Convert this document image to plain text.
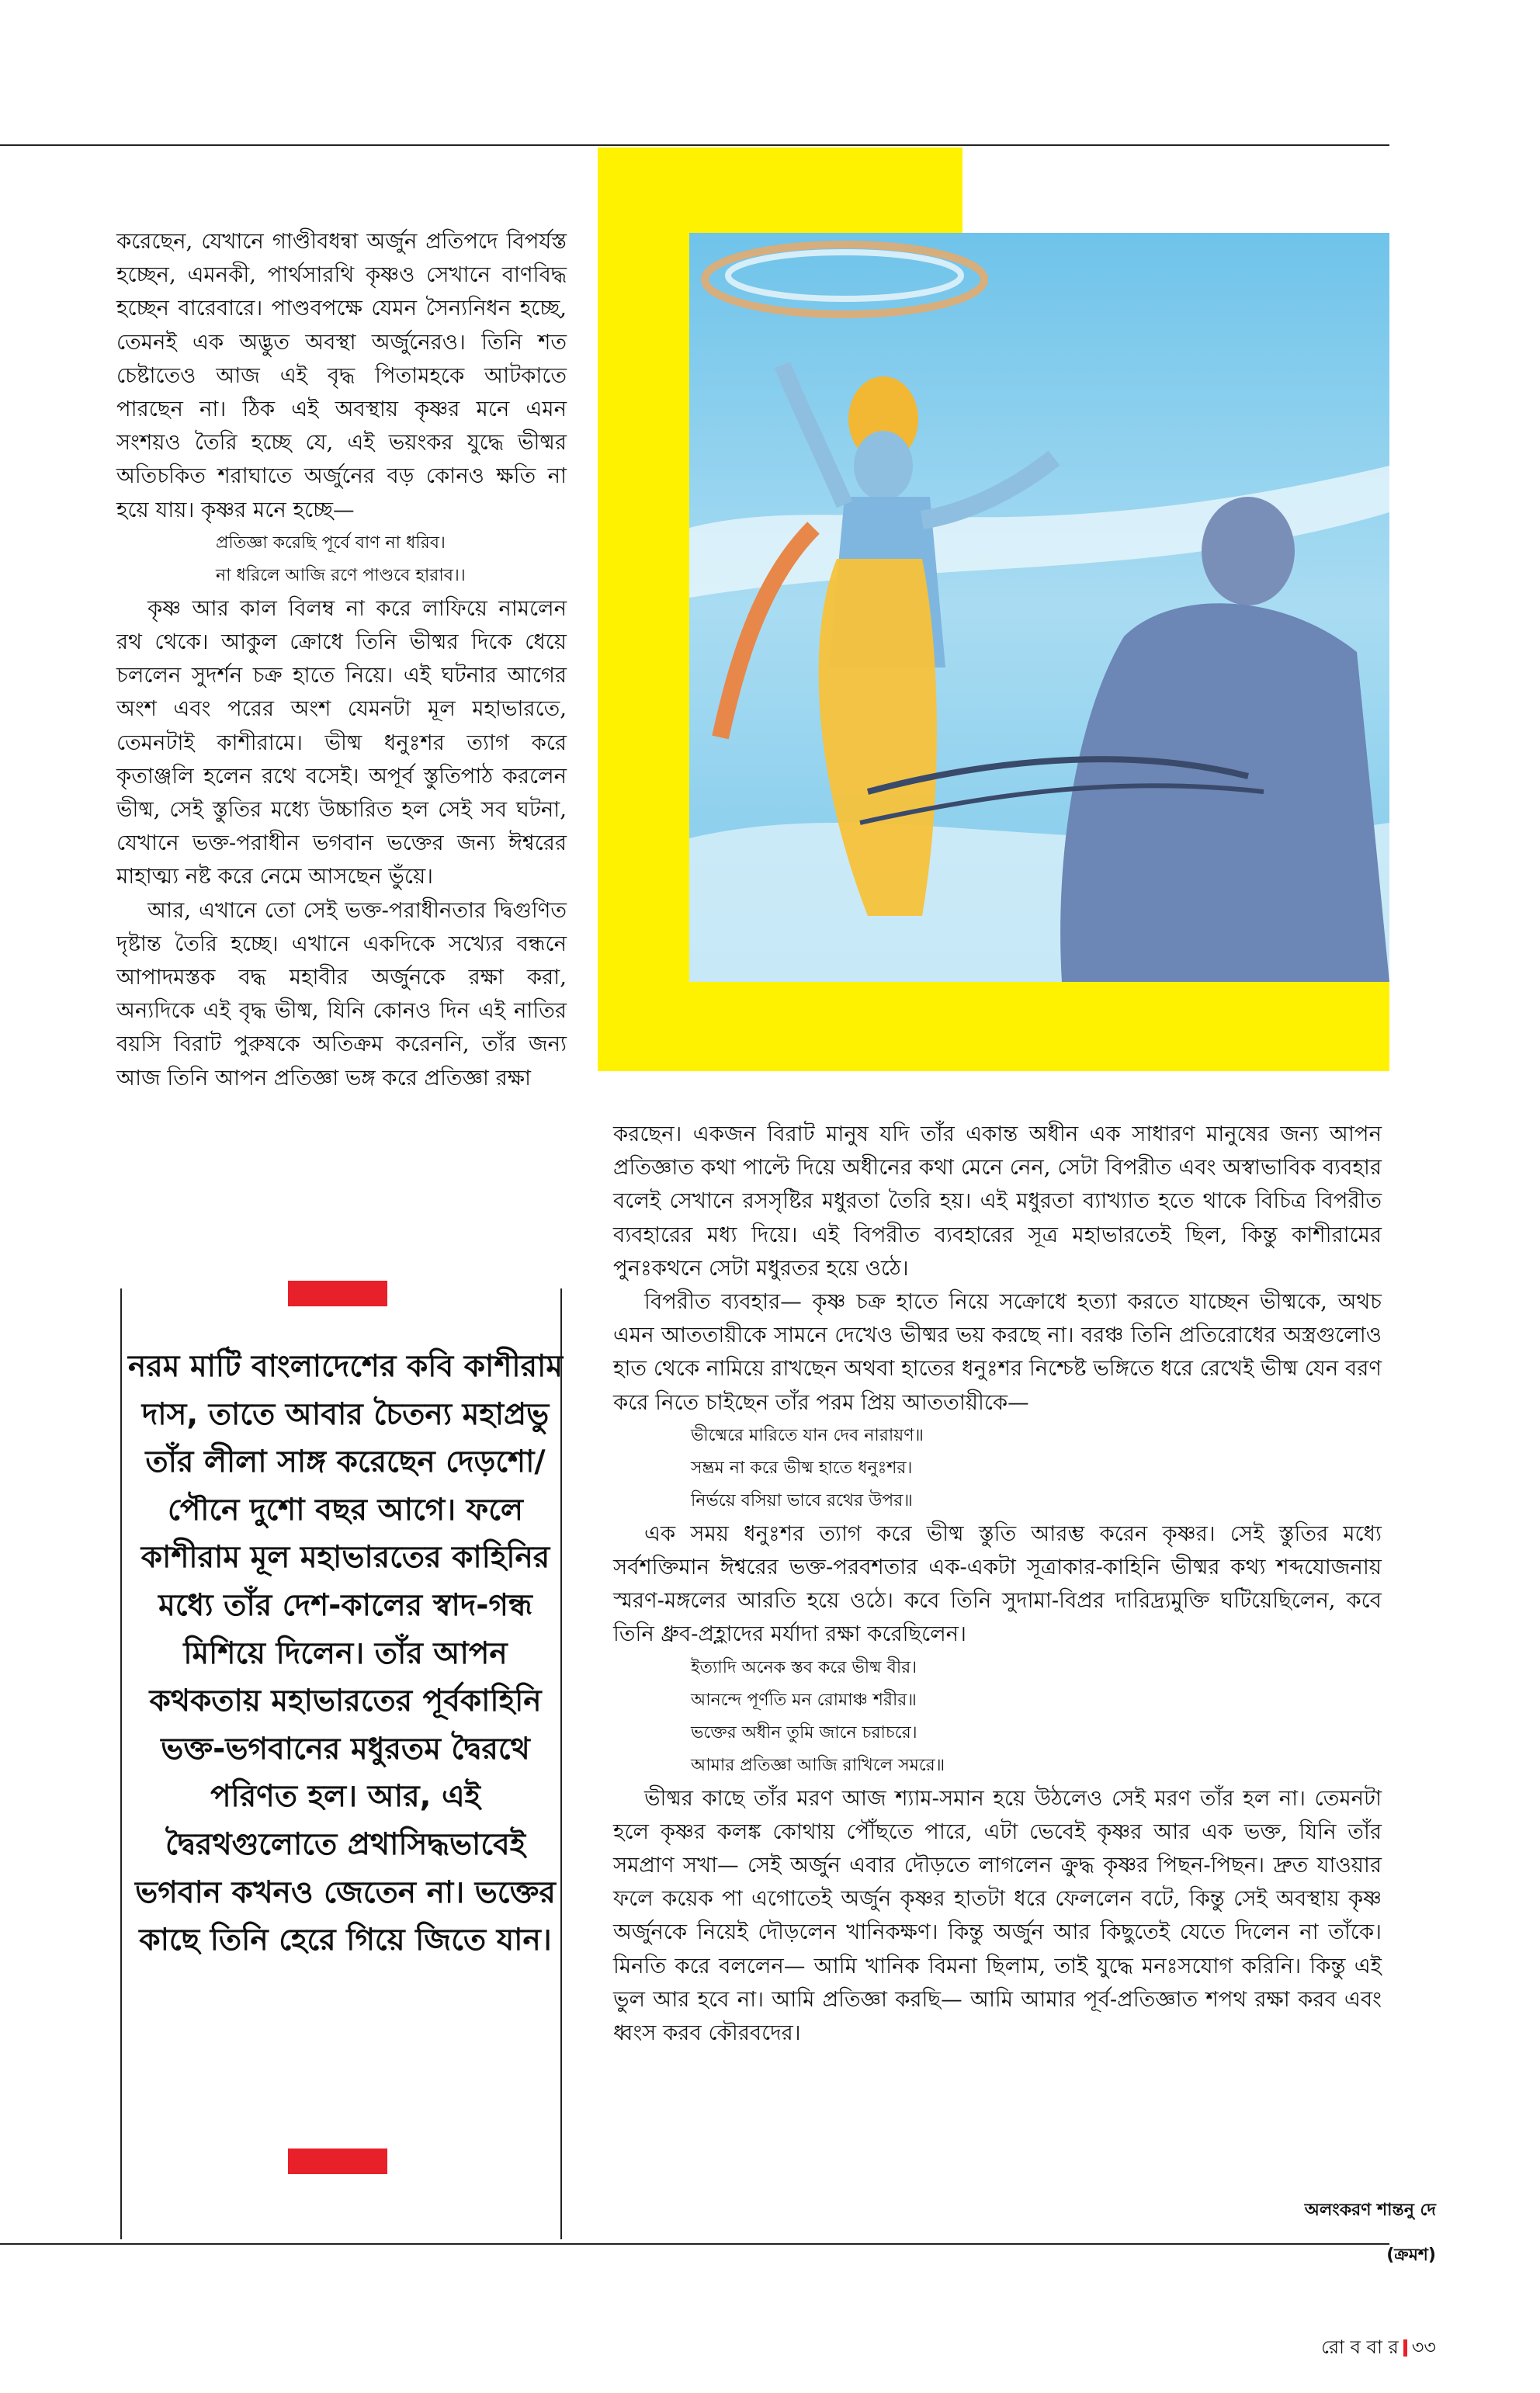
করেছেন, যেখানে গাণ্ডীবধন্বা অর্জুন প্রতিপদে বিপর্যস্ত হচ্ছেন, এমনকী, পার্থসারথি কৃষ্ণও সেখানে বাণবিদ্ধ হচ্ছেন বারেবারে। পাণ্ডবপক্ষে যেমন সৈন্যনিধন হচ্ছে, তেমনই এক অদ্ভুত অবস্থা অর্জুনেরও। তিনি শত চেষ্টাতেও আজ এই বৃদ্ধ পিতামহকে আটকাতে পারছেন না। ঠিক এই অবস্থায় কৃষ্ণর মনে এমন সংশয়ও তৈরি হচ্ছে যে, এই ভয়ংকর যুদ্ধে ভীষ্মর অতিচকিত শরাঘাতে অর্জুনের বড় কোনও ক্ষতি না হয়ে যায়। কৃষ্ণর মনে হচ্ছে—

প্রতিজ্ঞা করেছি পূর্বে বাণ না ধরিব।
না ধরিলে আজি রণে পাণ্ডবে হারাব।।

কৃষ্ণ আর কাল বিলম্ব না করে লাফিয়ে নামলেন রথ থেকে। আকুল ক্রোধে তিনি ভীষ্মর দিকে ধেয়ে চললেন সুদর্শন চক্র হাতে নিয়ে। এই ঘটনার আগের অংশ এবং পরের অংশ যেমনটা মূল মহাভারতে, তেমনটাই কাশীরামে। ভীষ্ম ধনুঃশর ত্যাগ করে কৃতাঞ্জলি হলেন রথে বসেই। অপূর্ব স্তুতিপাঠ করলেন ভীষ্ম, সেই স্তুতির মধ্যে উচ্চারিত হল সেই সব ঘটনা, যেখানে ভক্ত-পরাধীন ভগবান ভক্তের জন্য ঈশ্বরের মাহাত্ম্য নষ্ট করে নেমে আসছেন ভুঁয়ে।

আর, এখানে তো সেই ভক্ত-পরাধীনতার দ্বিগুণিত দৃষ্টান্ত তৈরি হচ্ছে। এখানে একদিকে সখ্যের বন্ধনে আপাদমস্তক বদ্ধ মহাবীর অর্জুনকে রক্ষা করা, অন্যদিকে এই বৃদ্ধ ভীষ্ম, যিনি কোনও দিন এই নাতির বয়সি বিরাট পুরুষকে অতিক্রম করেননি, তাঁর জন্য আজ তিনি আপন প্রতিজ্ঞা ভঙ্গ করে প্রতিজ্ঞা রক্ষা

নরম মাটি বাংলাদেশের কবি কাশীরাম দাস, তাতে আবার চৈতন্য মহাপ্রভু তাঁর লীলা সাঙ্গ করেছেন দেড়শো/পৌনে দুশো বছর আগে। ফলে কাশীরাম মূল মহাভারতের কাহিনির মধ্যে তাঁর দেশ-কালের স্বাদ-গন্ধ মিশিয়ে দিলেন। তাঁর আপন কথকতায় মহাভারতের পূর্বকাহিনি ভক্ত-ভগবানের মধুরতম দ্বৈরথে পরিণত হল। আর, এই দ্বৈরথগুলোতে প্রথাসিদ্ধভাবেই ভগবান কখনও জেতেন না। ভক্তের কাছে তিনি হেরে গিয়ে জিতে যান।

করছেন। একজন বিরাট মানুষ যদি তাঁর একান্ত অধীন এক সাধারণ মানুষের জন্য আপন প্রতিজ্ঞাত কথা পাল্টে দিয়ে অধীনের কথা মেনে নেন, সেটা বিপরীত এবং অস্বাভাবিক ব্যবহার বলেই সেখানে রসসৃষ্টির মধুরতা তৈরি হয়। এই মধুরতা ব্যাখ্যাত হতে থাকে বিচিত্র বিপরীত ব্যবহারের মধ্য দিয়ে। এই বিপরীত ব্যবহারের সূত্র মহাভারতেই ছিল, কিন্তু কাশীরামের পুনঃকথনে সেটা মধুরতর হয়ে ওঠে।

বিপরীত ব্যবহার— কৃষ্ণ চক্র হাতে নিয়ে সক্রোধে হত্যা করতে যাচ্ছেন ভীষ্মকে, অথচ এমন আততায়ীকে সামনে দেখেও ভীষ্মর ভয় করছে না। বরঞ্চ তিনি প্রতিরোধের অস্ত্রগুলোও হাত থেকে নামিয়ে রাখছেন অথবা হাতের ধনুঃশর নিশ্চেষ্ট ভঙ্গিতে ধরে রেখেই ভীষ্ম যেন বরণ করে নিতে চাইছেন তাঁর পরম প্রিয় আততায়ীকে—

ভীষ্মেরে মারিতে যান দেব নারায়ণ॥
সম্ভ্রম না করে ভীষ্ম হাতে ধনুঃশর।
নির্ভয়ে বসিয়া ভাবে রথের উপর॥

এক সময় ধনুঃশর ত্যাগ করে ভীষ্ম স্তুতি আরম্ভ করেন কৃষ্ণর। সেই স্তুতির মধ্যে সর্বশক্তিমান ঈশ্বরের ভক্ত-পরবশতার এক-একটা সূত্রাকার-কাহিনি ভীষ্মর কথ্য শব্দযোজনায় স্মরণ-মঙ্গলের আরতি হয়ে ওঠে। কবে তিনি সুদামা-বিপ্রর দারিদ্র্যমুক্তি ঘটিয়েছিলেন, কবে তিনি ধ্রুব-প্রহ্লাদের মর্যাদা রক্ষা করেছিলেন।

ইত্যাদি অনেক স্তব করে ভীষ্ম বীর।
আনন্দে পূর্ণতি মন রোমাঞ্চ শরীর॥
ভক্তের অধীন তুমি জানে চরাচরে।
আমার প্রতিজ্ঞা আজি রাখিলে সমরে॥

ভীষ্মর কাছে তাঁর মরণ আজ শ্যাম-সমান হয়ে উঠলেও সেই মরণ তাঁর হল না। তেমনটা হলে কৃষ্ণর কলঙ্ক কোথায় পৌঁছতে পারে, এটা ভেবেই কৃষ্ণর আর এক ভক্ত, যিনি তাঁর সমপ্রাণ সখা— সেই অর্জুন এবার দৌড়তে লাগলেন ক্রুদ্ধ কৃষ্ণর পিছন-পিছন। দ্রুত যাওয়ার ফলে কয়েক পা এগোতেই অর্জুন কৃষ্ণর হাতটা ধরে ফেললেন বটে, কিন্তু সেই অবস্থায় কৃষ্ণ অর্জুনকে নিয়েই দৌড়লেন খানিকক্ষণ। কিন্তু অর্জুন আর কিছুতেই যেতে দিলেন না তাঁকে। মিনতি করে বললেন— আমি খানিক বিমনা ছিলাম, তাই যুদ্ধে মনঃসযোগ করিনি। কিন্তু এই ভুল আর হবে না। আমি প্রতিজ্ঞা করছি— আমি আমার পূর্ব-প্রতিজ্ঞাত শপথ রক্ষা করব এবং ধ্বংস করব কৌরবদের।

অলংকরণ শান্তনু দে
(ক্রমশ)
রো ব বা র ৩৩
